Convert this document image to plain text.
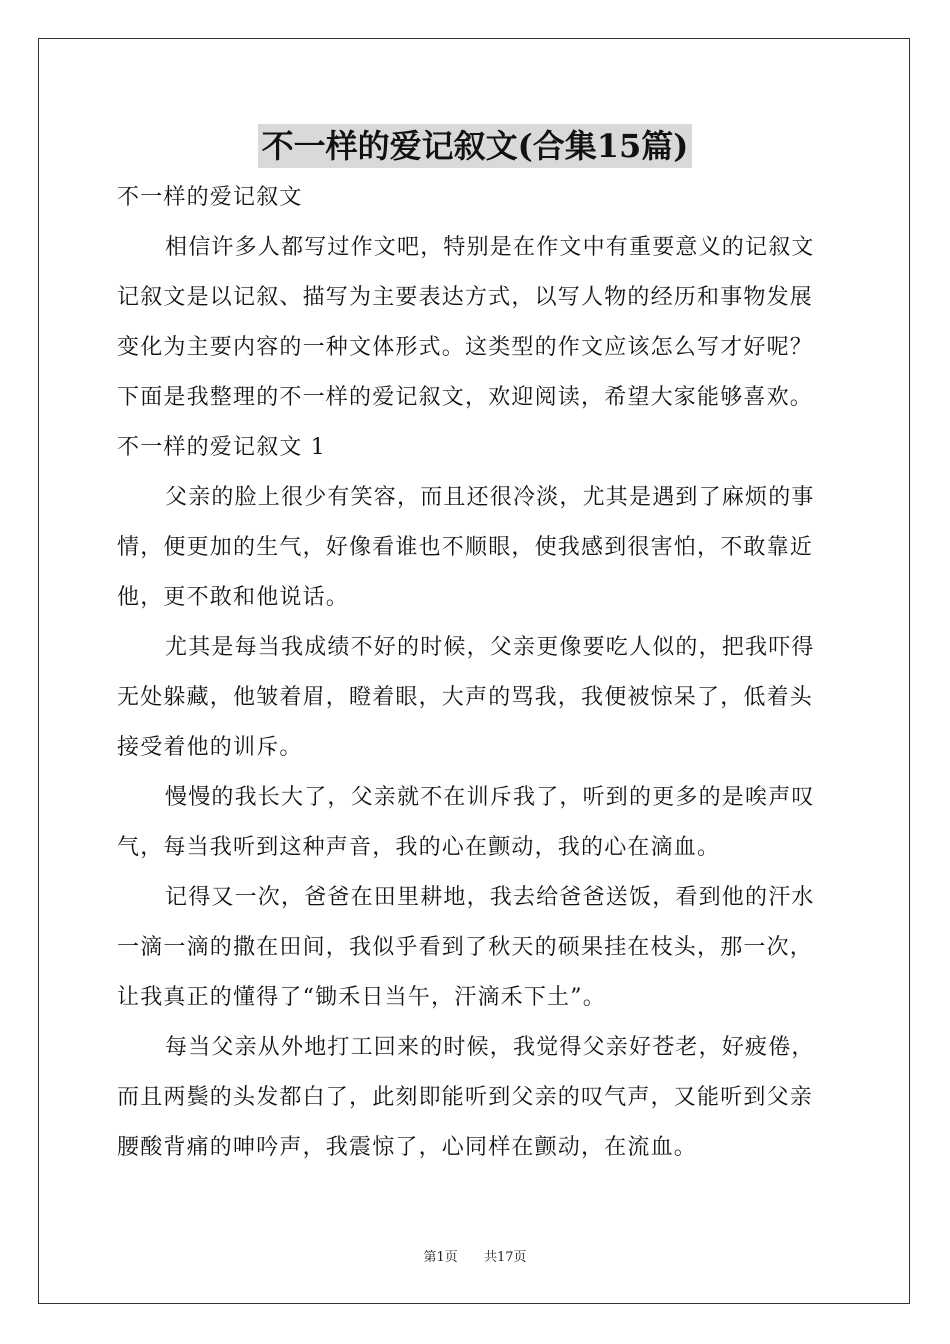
不一样的爱记叙文(合集15篇)
不一样的爱记叙文
相信许多人都写过作文吧，特别是在作文中有重要意义的记叙文
记叙文是以记叙、描写为主要表达方式，以写人物的经历和事物发展
变化为主要内容的一种文体形式。这类型的作文应该怎么写才好呢？
下面是我整理的不一样的爱记叙文，欢迎阅读，希望大家能够喜欢。
不一样的爱记叙文 1
父亲的脸上很少有笑容，而且还很冷淡，尤其是遇到了麻烦的事
情，便更加的生气，好像看谁也不顺眼，使我感到很害怕，不敢靠近
他，更不敢和他说话。
尤其是每当我成绩不好的时候，父亲更像要吃人似的，把我吓得
无处躲藏，他皱着眉，瞪着眼，大声的骂我，我便被惊呆了，低着头
接受着他的训斥。
慢慢的我长大了，父亲就不在训斥我了，听到的更多的是唉声叹
气，每当我听到这种声音，我的心在颤动，我的心在滴血。
记得又一次，爸爸在田里耕地，我去给爸爸送饭，看到他的汗水
一滴一滴的撒在田间，我似乎看到了秋天的硕果挂在枝头，那一次，
让我真正的懂得了“锄禾日当午，汗滴禾下土”。
每当父亲从外地打工回来的时候，我觉得父亲好苍老，好疲倦，
而且两鬓的头发都白了，此刻即能听到父亲的叹气声，又能听到父亲
腰酸背痛的呻吟声，我震惊了，心同样在颤动，在流血。
第1页 共17页
